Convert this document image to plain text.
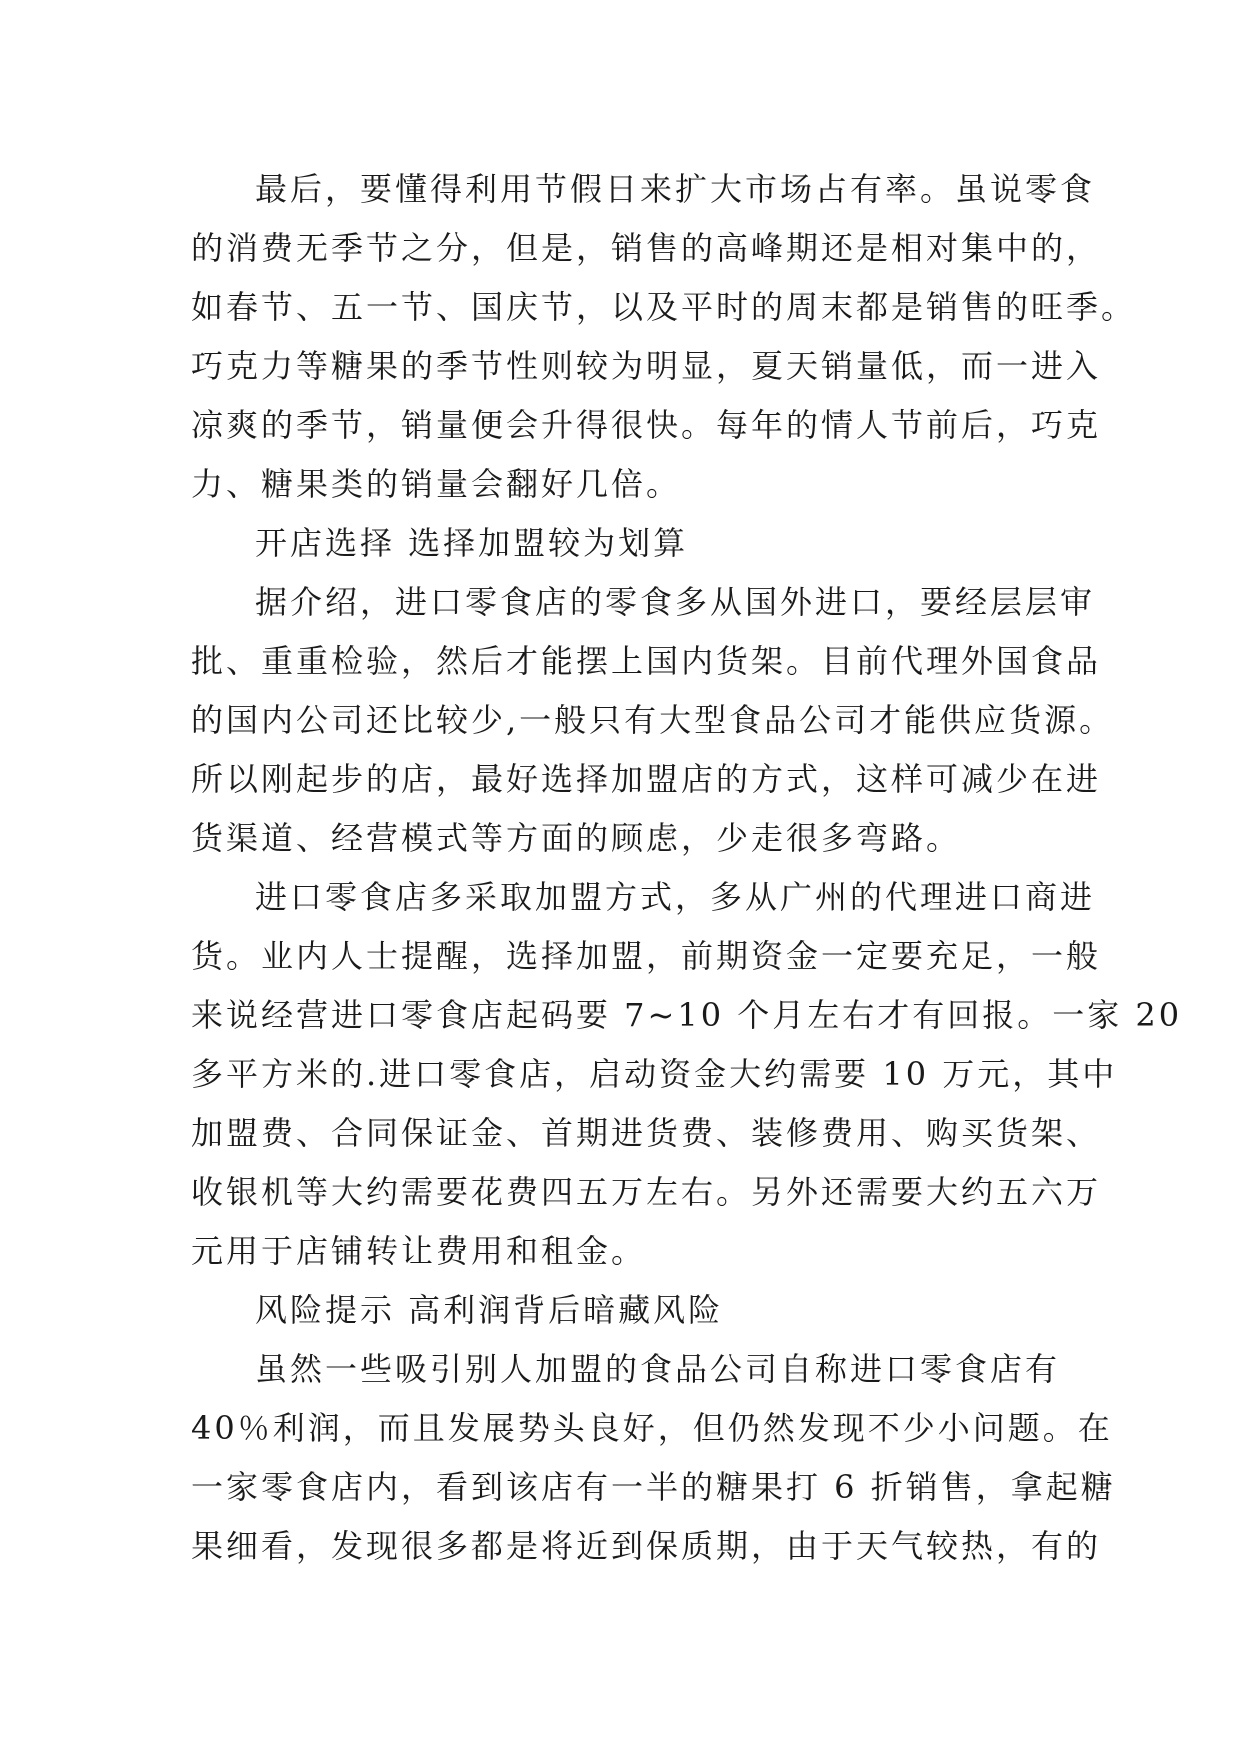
最后，要懂得利用节假日来扩大市场占有率。虽说零食
的消费无季节之分，但是，销售的高峰期还是相对集中的，
如春节、五一节、国庆节，以及平时的周末都是销售的旺季。
巧克力等糖果的季节性则较为明显，夏天销量低，而一进入
凉爽的季节，销量便会升得很快。每年的情人节前后，巧克
力、糖果类的销量会翻好几倍。
开店选择 选择加盟较为划算
据介绍，进口零食店的零食多从国外进口，要经层层审
批、重重检验，然后才能摆上国内货架。目前代理外国食品
的国内公司还比较少,一般只有大型食品公司才能供应货源。
所以刚起步的店，最好选择加盟店的方式，这样可减少在进
货渠道、经营模式等方面的顾虑，少走很多弯路。
进口零食店多采取加盟方式，多从广州的代理进口商进
货。业内人士提醒，选择加盟，前期资金一定要充足，一般
来说经营进口零食店起码要 7~10 个月左右才有回报。一家 20
多平方米的.进口零食店，启动资金大约需要 10 万元，其中
加盟费、合同保证金、首期进货费、装修费用、购买货架、
收银机等大约需要花费四五万左右。另外还需要大约五六万
元用于店铺转让费用和租金。
风险提示 高利润背后暗藏风险
虽然一些吸引别人加盟的食品公司自称进口零食店有
40％利润，而且发展势头良好，但仍然发现不少小问题。在
一家零食店内，看到该店有一半的糖果打 6 折销售，拿起糖
果细看，发现很多都是将近到保质期，由于天气较热，有的
